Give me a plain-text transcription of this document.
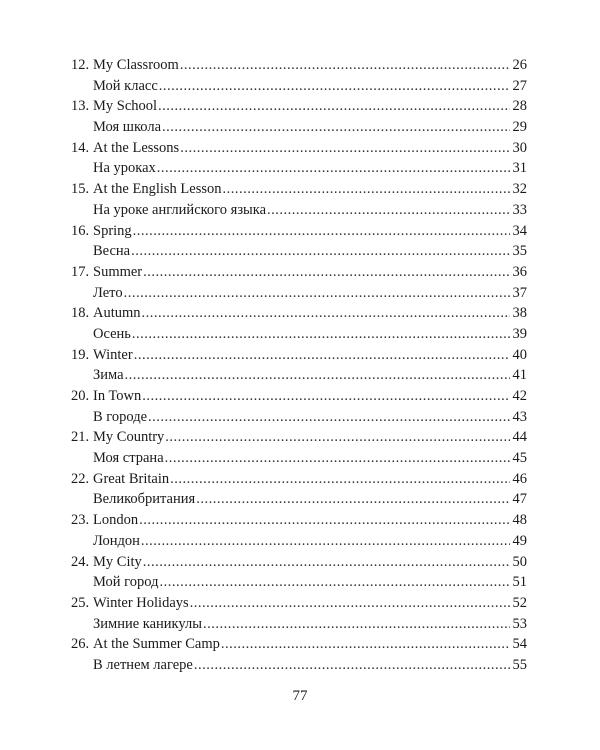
12. My Classroom .....	26
Мой класс .....	27
13. My School .....	28
Моя школа .....	29
14. At the Lessons .....	30
На уроках .....	31
15. At the English Lesson .....	32
На уроке английского языка .....	33
16. Spring .....	34
Весна .....	35
17. Summer .....	36
Лето .....	37
18. Autumn .....	38
Осень .....	39
19. Winter .....	40
Зима .....	41
20. In Town .....	42
В городе .....	43
21. My Country .....	44
Моя страна .....	45
22. Great Britain .....	46
Великобритания .....	47
23. London .....	48
Лондон .....	49
24. My City .....	50
Мой город .....	51
25. Winter Holidays .....	52
Зимние каникулы .....	53
26. At the Summer Camp .....	54
В летнем лагере .....	55
77
